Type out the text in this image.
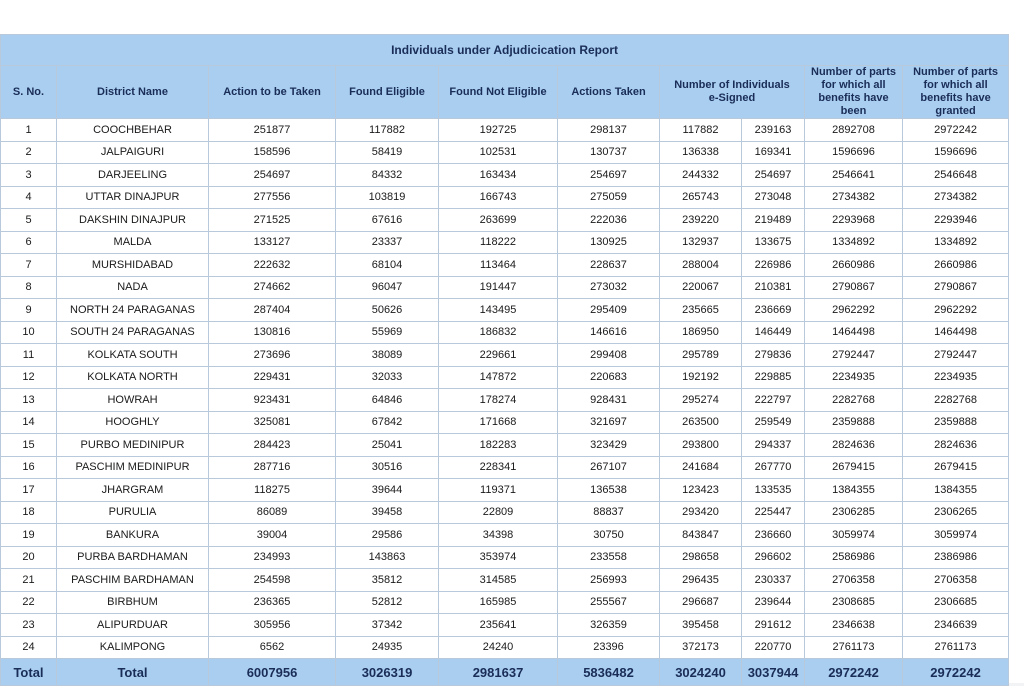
Individuals under Adjudicication Report									
S. No.	District Name	Action to be Taken	Found Eligible	Found Not Eligible	Actions Taken	Number of Individuals e-Signed		Number of parts for which all benefits have been	Number of parts for which all benefits have granted
1	COOCHBEHAR	251877	117882	192725	298137	117882	239163	2892708	2972242
2	JALPAIGURI	158596	58419	102531	130737	136338	169341	1596696	1596696
3	DARJEELING	254697	84332	163434	254697	244332	254697	2546641	2546648
4	UTTAR DINAJPUR	277556	103819	166743	275059	265743	273048	2734382	2734382
5	DAKSHIN DINAJPUR	271525	67616	263699	222036	239220	219489	2293968	2293946
6	MALDA	133127	23337	118222	130925	132937	133675	1334892	1334892
7	MURSHIDABAD	222632	68104	113464	228637	288004	226986	2660986	2660986
8	NADA	274662	96047	191447	273032	220067	210381	2790867	2790867
9	NORTH 24 PARAGANAS	287404	50626	143495	295409	235665	236669	2962292	2962292
10	SOUTH 24 PARAGANAS	130816	55969	186832	146616	186950	146449	1464498	1464498
11	KOLKATA SOUTH	273696	38089	229661	299408	295789	279836	2792447	2792447
12	KOLKATA NORTH	229431	32033	147872	220683	192192	229885	2234935	2234935
13	HOWRAH	923431	64846	178274	928431	295274	222797	2282768	2282768
14	HOOGHLY	325081	67842	171668	321697	263500	259549	2359888	2359888
15	PURBO MEDINIPUR	284423	25041	182283	323429	293800	294337	2824636	2824636
16	PASCHIM MEDINIPUR	287716	30516	228341	267107	241684	267770	2679415	2679415
17	JHARGRAM	118275	39644	119371	136538	123423	133535	1384355	1384355
18	PURULIA	86089	39458	22809	88837	293420	225447	2306285	2306265
19	BANKURA	39004	29586	34398	30750	843847	236660	3059974	3059974
20	PURBA BARDHAMAN	234993	143863	353974	233558	298658	296602	2586986	2386986
21	PASCHIM BARDHAMAN	254598	35812	314585	256993	296435	230337	2706358	2706358
22	BIRBHUM	236365	52812	165985	255567	296687	239644	2308685	2306685
23	ALIPURDUAR	305956	37342	235641	326359	395458	291612	2346638	2346639
24	KALIMPONG	6562	24935	24240	23396	372173	220770	2761173	2761173
Total	Total	6007956	3026319	2981637	5836482	3024240	3037944	2972242	2972242
